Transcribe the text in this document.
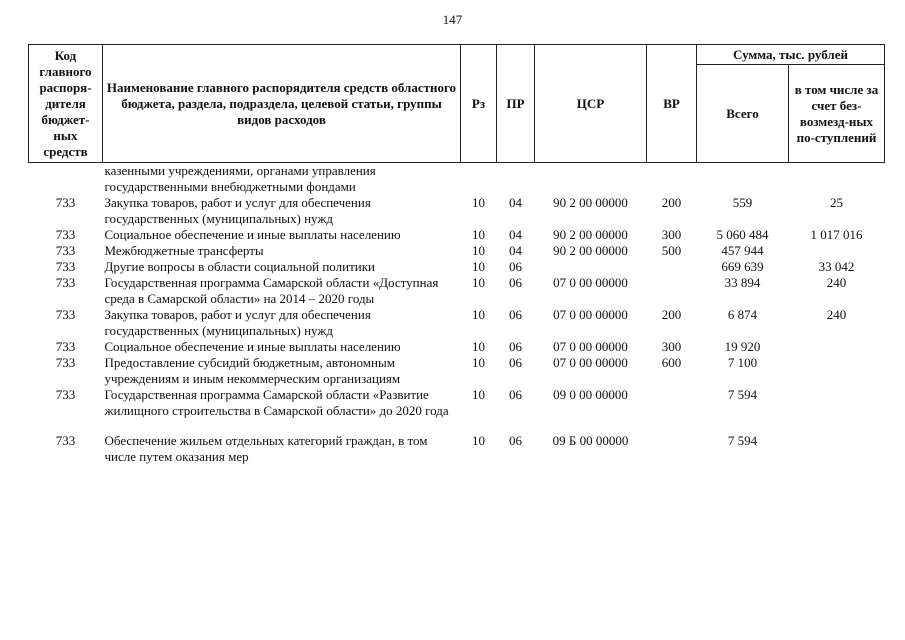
147
Код главного распоря-дителя бюджет-ных средств	Наименование главного распорядителя средств областного бюджета, раздела, подраздела, целевой статьи, группы видов расходов	Рз	ПР	ЦСР	ВР	Сумма, тыс. рублей	
						Всего	в том числе за счет без-возмезд-ных по-ступлений
	казенными учреждениями, органами управления государственными внебюджетными фондами						
733	Закупка товаров, работ и услуг для обеспечения государственных (муниципальных) нужд	10	04	90 2 00 00000	200	559	25
733	Социальное обеспечение и иные выплаты населению	10	04	90 2 00 00000	300	5 060 484	1 017 016
733	Межбюджетные трансферты	10	04	90 2 00 00000	500	457 944	
733	Другие вопросы в области социальной политики	10	06			669 639	33 042
733	Государственная программа Самарской области «Доступная среда в Самарской области» на 2014 – 2020 годы	10	06	07 0 00 00000		33 894	240
733	Закупка товаров, работ и услуг для обеспечения государственных (муниципальных) нужд	10	06	07 0 00 00000	200	6 874	240
733	Социальное обеспечение и иные выплаты населению	10	06	07 0 00 00000	300	19 920	
733	Предоставление субсидий бюджетным, автономным учреждениям и иным некоммерческим организациям	10	06	07 0 00 00000	600	7 100	
733	Государственная программа Самарской области «Развитие жилищного строительства в Самарской области» до 2020 года	10	06	09 0 00 00000		7 594	
733	Обеспечение жильем отдельных категорий граждан, в том числе путем оказания мер	10	06	09 Б 00 00000		7 594	
